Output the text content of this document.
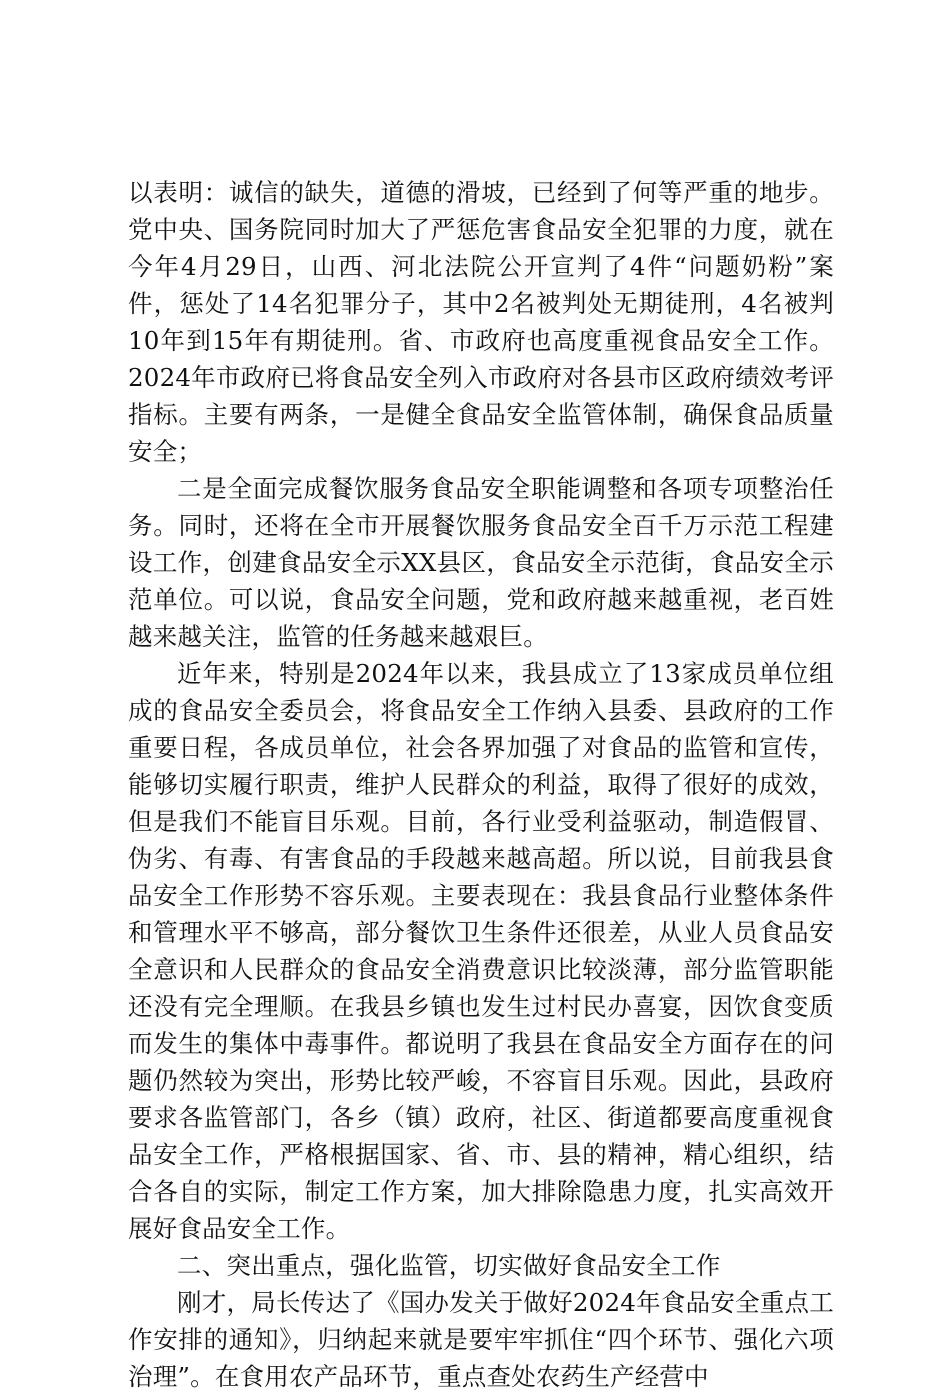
以表明：诚信的缺失，道德的滑坡，已经到了何等严重的地步。党中央、国务院同时加大了严惩危害食品安全犯罪的力度，就在今年4月29日，山西、河北法院公开宣判了4件“问题奶粉”案件，惩处了14名犯罪分子，其中2名被判处无期徒刑，4名被判10年到15年有期徒刑。省、市政府也高度重视食品安全工作。2024年市政府已将食品安全列入市政府对各县市区政府绩效考评指标。主要有两条，一是健全食品安全监管体制，确保食品质量安全；

二是全面完成餐饮服务食品安全职能调整和各项专项整治任务。同时，还将在全市开展餐饮服务食品安全百千万示范工程建设工作，创建食品安全示XX县区，食品安全示范街，食品安全示范单位。可以说，食品安全问题，党和政府越来越重视，老百姓越来越关注，监管的任务越来越艰巨。

近年来，特别是2024年以来，我县成立了13家成员单位组成的食品安全委员会，将食品安全工作纳入县委、县政府的工作重要日程，各成员单位，社会各界加强了对食品的监管和宣传，能够切实履行职责，维护人民群众的利益，取得了很好的成效，但是我们不能盲目乐观。目前，各行业受利益驱动，制造假冒、伪劣、有毒、有害食品的手段越来越高超。所以说，目前我县食品安全工作形势不容乐观。主要表现在：我县食品行业整体条件和管理水平不够高，部分餐饮卫生条件还很差，从业人员食品安全意识和人民群众的食品安全消费意识比较淡薄，部分监管职能还没有完全理顺。在我县乡镇也发生过村民办喜宴，因饮食变质而发生的集体中毒事件。都说明了我县在食品安全方面存在的问题仍然较为突出，形势比较严峻，不容盲目乐观。因此，县政府要求各监管部门，各乡（镇）政府，社区、街道都要高度重视食品安全工作，严格根据国家、省、市、县的精神，精心组织，结合各自的实际，制定工作方案，加大排除隐患力度，扎实高效开展好食品安全工作。

二、突出重点，强化监管，切实做好食品安全工作

刚才，局长传达了《国办发关于做好2024年食品安全重点工作安排的通知》，归纳起来就是要牢牢抓住“四个环节、强化六项治理”。在食用农产品环节，重点查处农药生产经营中
